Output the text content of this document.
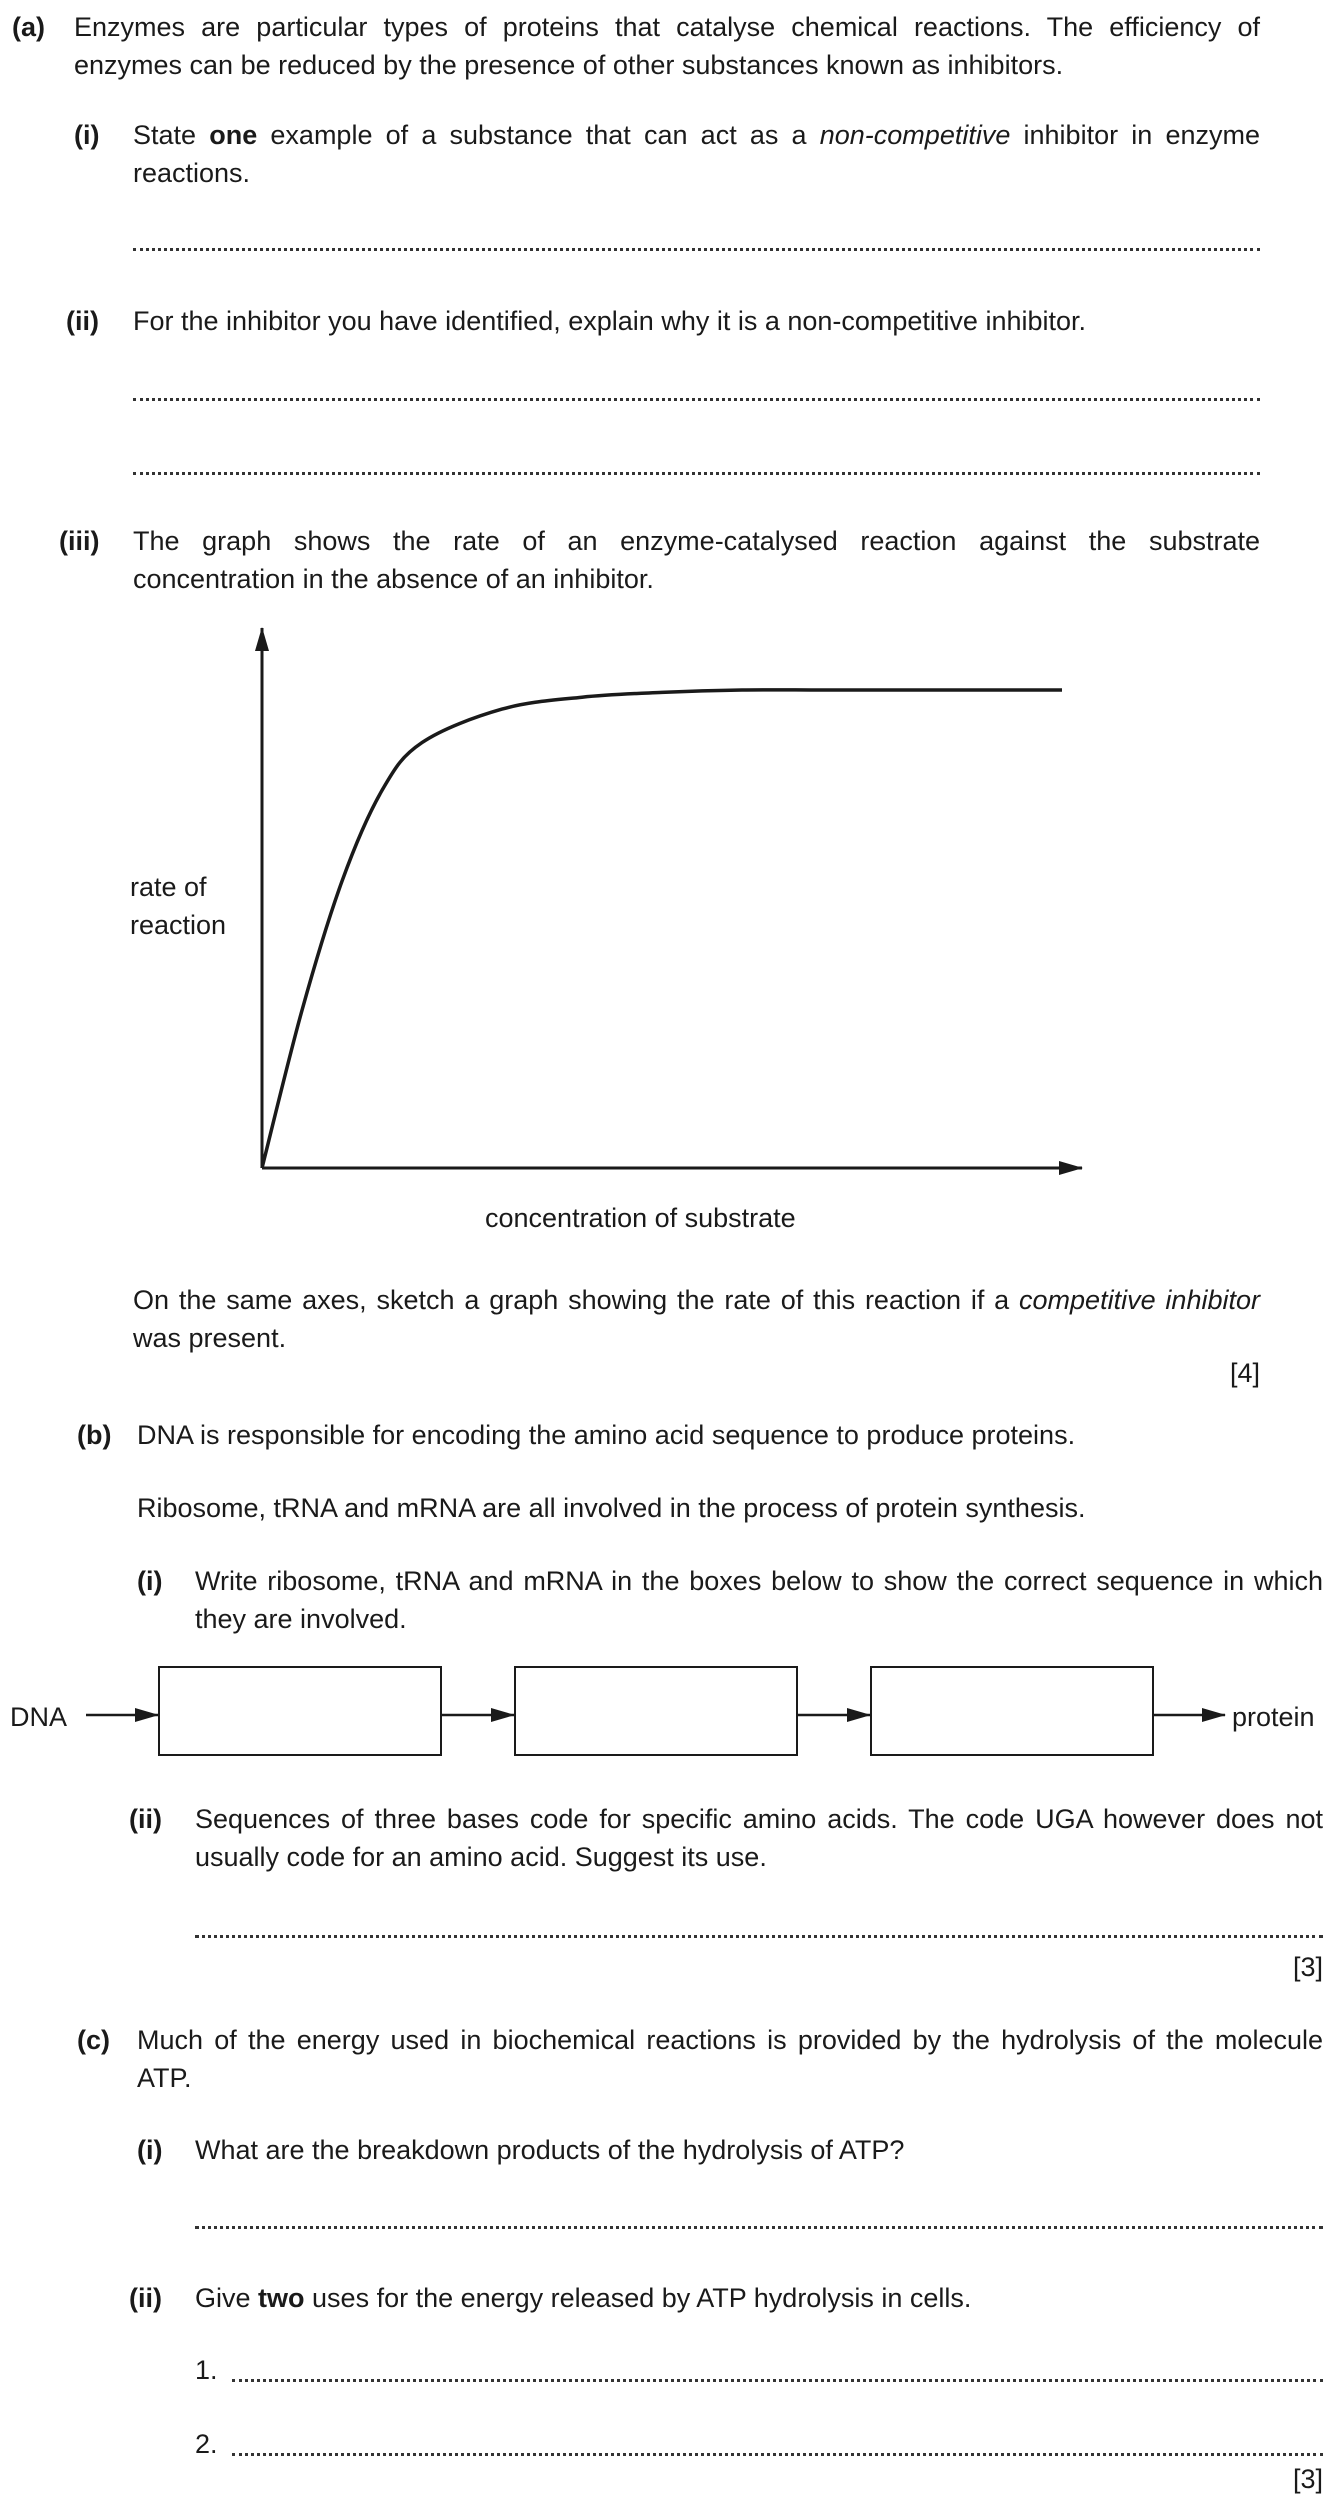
(a) Enzymes are particular types of proteins that catalyse chemical reactions. The efficiency of enzymes can be reduced by the presence of other substances known as inhibitors.
(i) State one example of a substance that can act as a non-competitive inhibitor in enzyme reactions.
(ii) For the inhibitor you have identified, explain why it is a non-competitive inhibitor.
(iii) The graph shows the rate of an enzyme-catalysed reaction against the substrate concentration in the absence of an inhibitor.
rate of
reaction
concentration of substrate
On the same axes, sketch a graph showing the rate of this reaction if a competitive inhibitor was present.
[4]
(b) DNA is responsible for encoding the amino acid sequence to produce proteins.
Ribosome, tRNA and mRNA are all involved in the process of protein synthesis.
(i) Write ribosome, tRNA and mRNA in the boxes below to show the correct sequence in which they are involved.
DNA	protein
(ii) Sequences of three bases code for specific amino acids. The code UGA however does not usually code for an amino acid. Suggest its use.
[3]
(c) Much of the energy used in biochemical reactions is provided by the hydrolysis of the molecule ATP.
(i) What are the breakdown products of the hydrolysis of ATP?
(ii) Give two uses for the energy released by ATP hydrolysis in cells.
1.
2.
[3]
